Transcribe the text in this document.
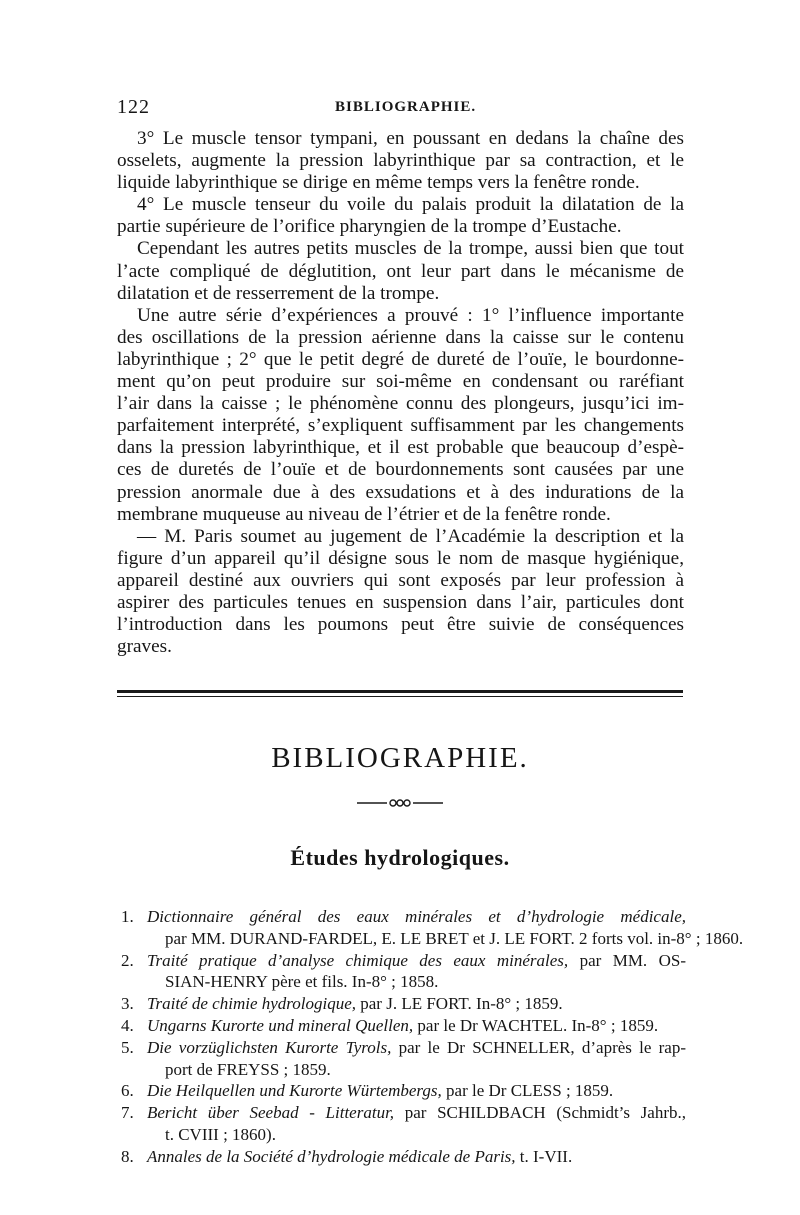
122	BIBLIOGRAPHIE.
3° Le muscle tensor tympani, en poussant en dedans la chaîne des
osselets, augmente la pression labyrinthique par sa contraction, et le
liquide labyrinthique se dirige en même temps vers la fenêtre ronde.
4° Le muscle tenseur du voile du palais produit la dilatation de la
partie supérieure de l’orifice pharyngien de la trompe d’Eustache.
Cependant les autres petits muscles de la trompe, aussi bien que tout
l’acte compliqué de déglutition, ont leur part dans le mécanisme de
dilatation et de resserrement de la trompe.
Une autre série d’expériences a prouvé : 1° l’influence importante
des oscillations de la pression aérienne dans la caisse sur le contenu
labyrinthique ; 2° que le petit degré de dureté de l’ouïe, le bourdonne-
ment qu’on peut produire sur soi-même en condensant ou raréfiant
l’air dans la caisse ; le phénomène connu des plongeurs, jusqu’ici im-
parfaitement interprété, s’expliquent suffisamment par les changements
dans la pression labyrinthique, et il est probable que beaucoup d’espè-
ces de duretés de l’ouïe et de bourdonnements sont causées par une
pression anormale due à des exsudations et à des indurations de la
membrane muqueuse au niveau de l’étrier et de la fenêtre ronde.
— M. Paris soumet au jugement de l’Académie la description et la
figure d’un appareil qu’il désigne sous le nom de masque hygiénique,
appareil destiné aux ouvriers qui sont exposés par leur profession à
aspirer des particules tenues en suspension dans l’air, particules dont
l’introduction dans les poumons peut être suivie de conséquences
graves.
BIBLIOGRAPHIE.
Études hydrologiques.
1. Dictionnaire général des eaux minérales et d’hydrologie médicale,
par MM. DURAND-FARDEL, E. LE BRET et J. LE FORT. 2 forts vol. in-8° ; 1860.
2. Traité pratique d’analyse chimique des eaux minérales, par MM. OS-
SIAN-HENRY père et fils. In-8° ; 1858.
3. Traité de chimie hydrologique, par J. LE FORT. In-8° ; 1859.
4. Ungarns Kurorte und mineral Quellen, par le Dr WACHTEL. In-8° ; 1859.
5. Die vorzüglichsten Kurorte Tyrols, par le Dr SCHNELLER, d’après le rap-
port de FREYSS ; 1859.
6. Die Heilquellen und Kurorte Würtembergs, par le Dr CLESS ; 1859.
7. Bericht über Seebad - Litteratur, par SCHILDBACH (Schmidt’s Jahrb.,
t. CVIII ; 1860).
8. Annales de la Société d’hydrologie médicale de Paris, t. I-VII.
